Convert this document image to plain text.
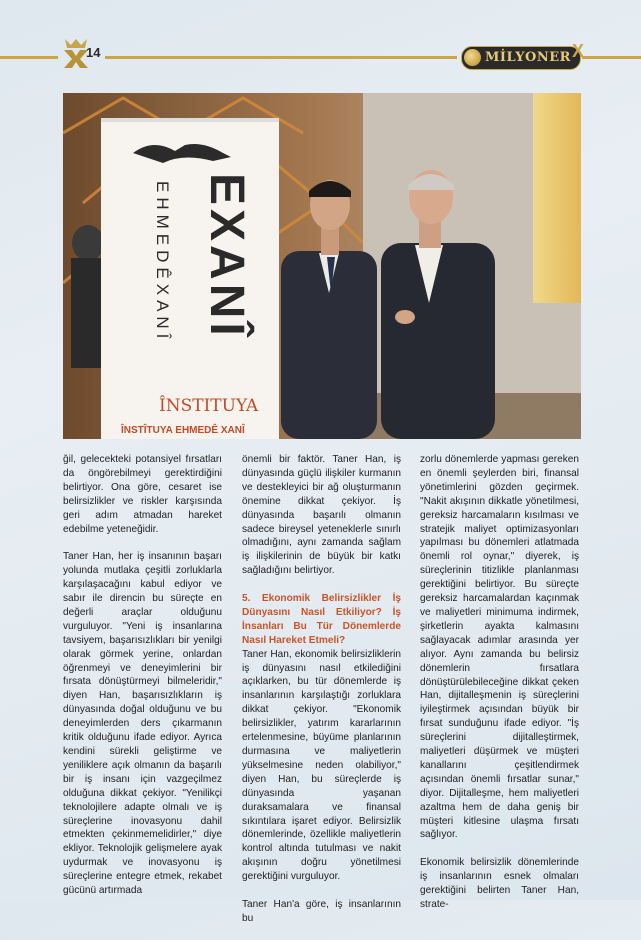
14	MİLYONER X
EXANÎ
EHMEDÊXANÎ
ÎNSTITUYA
ÎNSTÎTUYA EHMEDÊ XANÎ

ğil, gelecekteki potansiyel fırsatları da öngörebilmeyi gerektirdiğini belirtiyor. Ona göre, cesaret ise belirsizlikler ve riskler karşısında geri adım atmadan hareket edebilme yeteneğidir.

Taner Han, her iş insanının başarı yolunda mutlaka çeşitli zorluklarla karşılaşacağını kabul ediyor ve sabır ile direncin bu süreçte en değerli araçlar olduğunu vurguluyor. "Yeni iş insanlarına tavsiyem, başarısızlıkları bir yenilgi olarak görmek yerine, onlardan öğrenmeyi ve deneyimlerini bir fırsata dönüştürmeyi bilmeleridir," diyen Han, başarısızlıkların iş dünyasında doğal olduğunu ve bu deneyimlerden ders çıkarmanın kritik olduğunu ifade ediyor. Ayrıca kendini sürekli geliştirme ve yeniliklere açık olmanın da başarılı bir iş insanı için vazgeçilmez olduğuna dikkat çekiyor. "Yenilikçi teknolojilere adapte olmalı ve iş süreçlerine inovasyonu dahil etmekten çekinmemelidirler," diye ekliyor. Teknolojik gelişmelere ayak uydurmak ve inovasyonu iş süreçlerine entegre etmek, rekabet gücünü artırmada

önemli bir faktör. Taner Han, iş dünyasında güçlü ilişkiler kurmanın ve destekleyici bir ağ oluşturmanın önemine dikkat çekiyor. İş dünyasında başarılı olmanın sadece bireysel yeteneklerle sınırlı olmadığını, aynı zamanda sağlam iş ilişkilerinin de büyük bir katkı sağladığını belirtiyor.

5. Ekonomik Belirsizlikler İş Dünyasını Nasıl Etkiliyor? İş İnsanları Bu Tür Dönemlerde Nasıl Hareket Etmeli?

Taner Han, ekonomik belirsizliklerin iş dünyasını nasıl etkilediğini açıklarken, bu tür dönemlerde iş insanlarının karşılaştığı zorluklara dikkat çekiyor. "Ekonomik belirsizlikler, yatırım kararlarının ertelenmesine, büyüme planlarının durmasına ve maliyetlerin yükselmesine neden olabiliyor," diyen Han, bu süreçlerde iş dünyasında yaşanan duraksamalara ve finansal sıkıntılara işaret ediyor. Belirsizlik dönemlerinde, özellikle maliyetlerin kontrol altında tutulması ve nakit akışının doğru yönetilmesi gerektiğini vurguluyor.

Taner Han'a göre, iş insanlarının bu

zorlu dönemlerde yapması gereken en önemli şeylerden biri, finansal yönetimlerini gözden geçirmek. "Nakit akışının dikkatle yönetilmesi, gereksiz harcamaların kısılması ve stratejik maliyet optimizasyonları yapılması bu dönemleri atlatmada önemli rol oynar," diyerek, iş süreçlerinin titizlikle planlanması gerektiğini belirtiyor. Bu süreçte gereksiz harcamalardan kaçınmak ve maliyetleri minimuma indirmek, şirketlerin ayakta kalmasını sağlayacak adımlar arasında yer alıyor. Aynı zamanda bu belirsiz dönemlerin fırsatlara dönüştürülebileceğine dikkat çeken Han, dijitalleşmenin iş süreçlerini iyileştirmek açısından büyük bir fırsat sunduğunu ifade ediyor. "İş süreçlerini dijitalleştirmek, maliyetleri düşürmek ve müşteri kanallarını çeşitlendirmek açısından önemli fırsatlar sunar," diyor. Dijitalleşme, hem maliyetleri azaltma hem de daha geniş bir müşteri kitlesine ulaşma fırsatı sağlıyor.

Ekonomik belirsizlik dönemlerinde iş insanlarının esnek olmaları gerektiğini belirten Taner Han, strate-
